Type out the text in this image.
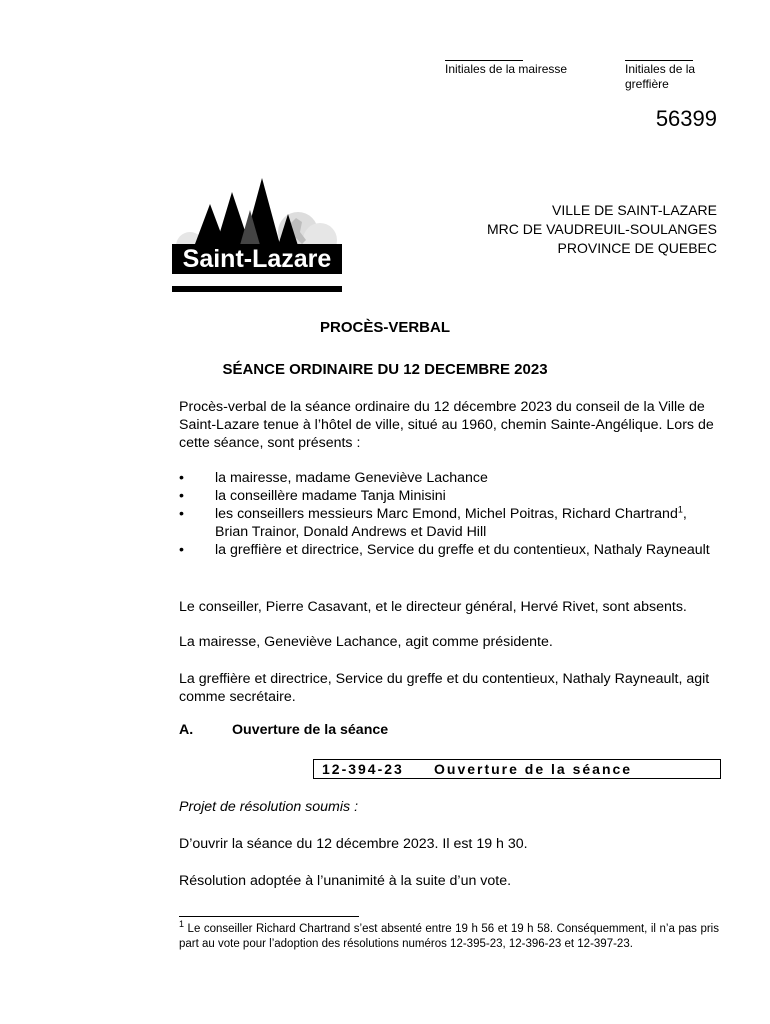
Initiales de la mairesse	Initiales de la greffière
56399
Saint-Lazare
VILLE DE SAINT-LAZARE
MRC DE VAUDREUIL-SOULANGES
PROVINCE DE QUEBEC
PROCÈS-VERBAL
SÉANCE ORDINAIRE DU 12 DECEMBRE 2023
Procès-verbal de la séance ordinaire du 12 décembre 2023 du conseil de la Ville de Saint-Lazare tenue à l’hôtel de ville, situé au 1960, chemin Sainte-Angélique. Lors de cette séance, sont présents :
• la mairesse, madame Geneviève Lachance
• la conseillère madame Tanja Minisini
• les conseillers messieurs Marc Emond, Michel Poitras, Richard Chartrand$^1$, Brian Trainor, Donald Andrews et David Hill
• la greffière et directrice, Service du greffe et du contentieux, Nathaly Rayneault
Le conseiller, Pierre Casavant, et le directeur général, Hervé Rivet, sont absents.
La mairesse, Geneviève Lachance, agit comme présidente.
La greffière et directrice, Service du greffe et du contentieux, Nathaly Rayneault, agit comme secrétaire.
A.	Ouverture de la séance
12-394-23 Ouverture de la séance
Projet de résolution soumis :
D’ouvrir la séance du 12 décembre 2023. Il est 19 h 30.
Résolution adoptée à l’unanimité à la suite d’un vote.
$^1$ Le conseiller Richard Chartrand s’est absenté entre 19 h 56 et 19 h 58. Conséquemment, il n’a pas pris part au vote pour l’adoption des résolutions numéros 12-395-23, 12-396-23 et 12-397-23.
